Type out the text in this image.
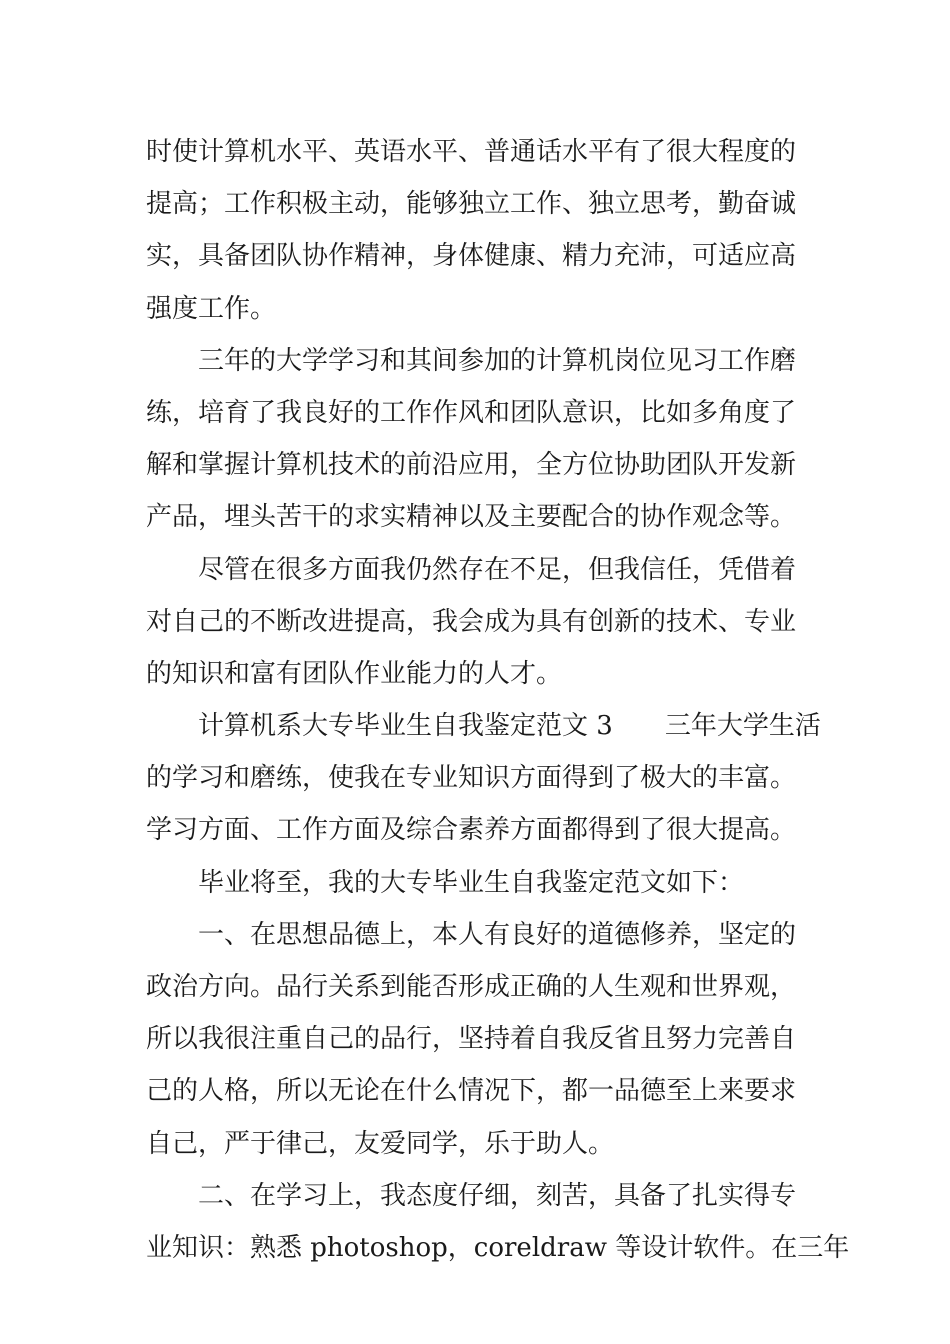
时使计算机水平、英语水平、普通话水平有了很大程度的
提高；工作积极主动，能够独立工作、独立思考，勤奋诚
实，具备团队协作精神，身体健康、精力充沛，可适应高
强度工作。
三年的大学学习和其间参加的计算机岗位见习工作磨
练，培育了我良好的工作作风和团队意识，比如多角度了
解和掌握计算机技术的前沿应用，全方位协助团队开发新
产品，埋头苦干的求实精神以及主要配合的协作观念等。
尽管在很多方面我仍然存在不足，但我信任，凭借着
对自己的不断改进提高，我会成为具有创新的技术、专业
的知识和富有团队作业能力的人才。
计算机系大专毕业生自我鉴定范文 3 三年大学生活
的学习和磨练，使我在专业知识方面得到了极大的丰富。
学习方面、工作方面及综合素养方面都得到了很大提高。
毕业将至，我的大专毕业生自我鉴定范文如下：
一、在思想品德上，本人有良好的道德修养，坚定的
政治方向。品行关系到能否形成正确的人生观和世界观，
所以我很注重自己的品行，坚持着自我反省且努力完善自
己的人格，所以无论在什么情况下，都一品德至上来要求
自己，严于律己，友爱同学，乐于助人。
二、在学习上，我态度仔细，刻苦，具备了扎实得专
业知识：熟悉 photoshop，coreldraw 等设计软件。在三年
